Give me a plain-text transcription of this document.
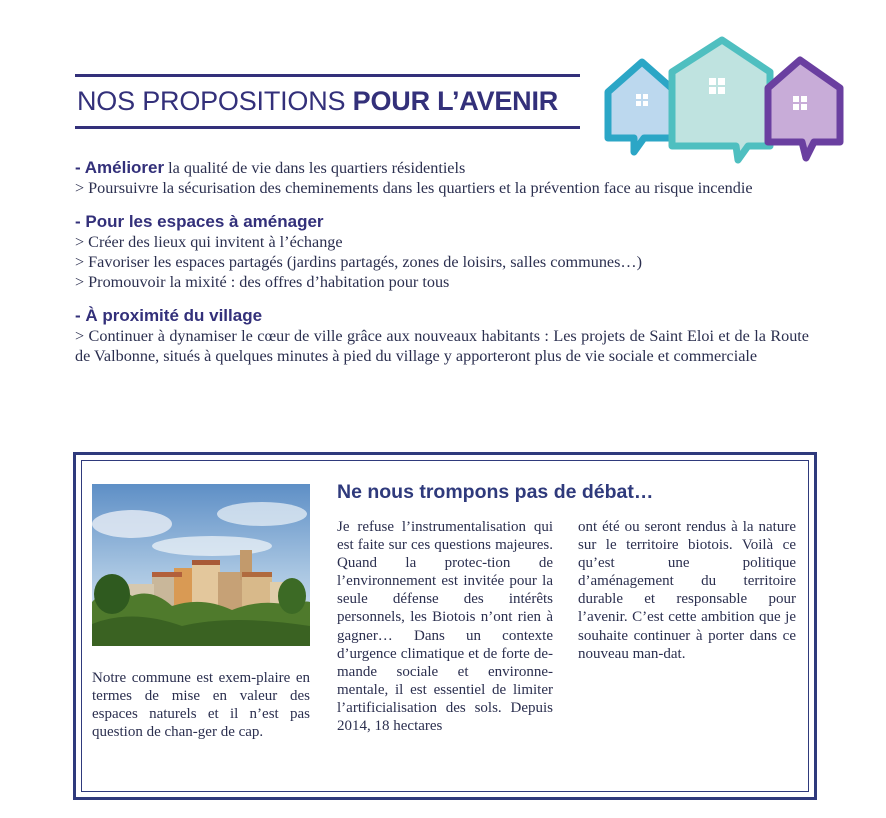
NOS PROPOSITIONS POUR L’AVENIR

- Améliorer la qualité de vie dans les quartiers résidentiels

> Poursuivre la sécurisation des cheminements dans les quartiers et la prévention face au risque incendie

- Pour les espaces à aménager

> Créer des lieux qui invitent à l’échange

> Favoriser les espaces partagés (jardins partagés, zones de loisirs, salles communes…)

> Promouvoir la mixité : des offres d’habitation pour tous

- À proximité du village

> Continuer à dynamiser le cœur de ville grâce aux nouveaux habitants : Les projets de Saint Eloi et de la Route de Valbonne, situés à quelques minutes à pied du village y apporteront plus de vie sociale et commerciale

Ne nous trompons pas de débat…
Notre commune est exem-plaire en termes de mise en valeur des espaces naturels et il n’est pas question de chan-ger de cap.
Je refuse l’instrumentalisation qui est faite sur ces questions majeures. Quand la protec-tion de l’environnement est invitée pour la seule défense des intérêts personnels, les Biotois n’ont rien à gagner… Dans un contexte d’urgence climatique et de forte de-mande sociale et environne-mentale, il est essentiel de limiter l’artificialisation des sols. Depuis 2014, 18 hectares
ont été ou seront rendus à la nature sur le territoire biotois. Voilà ce qu’est une politique d’aménagement du territoire durable et responsable pour l’avenir. C’est cette ambition que je souhaite continuer à porter dans ce nouveau man-dat.
